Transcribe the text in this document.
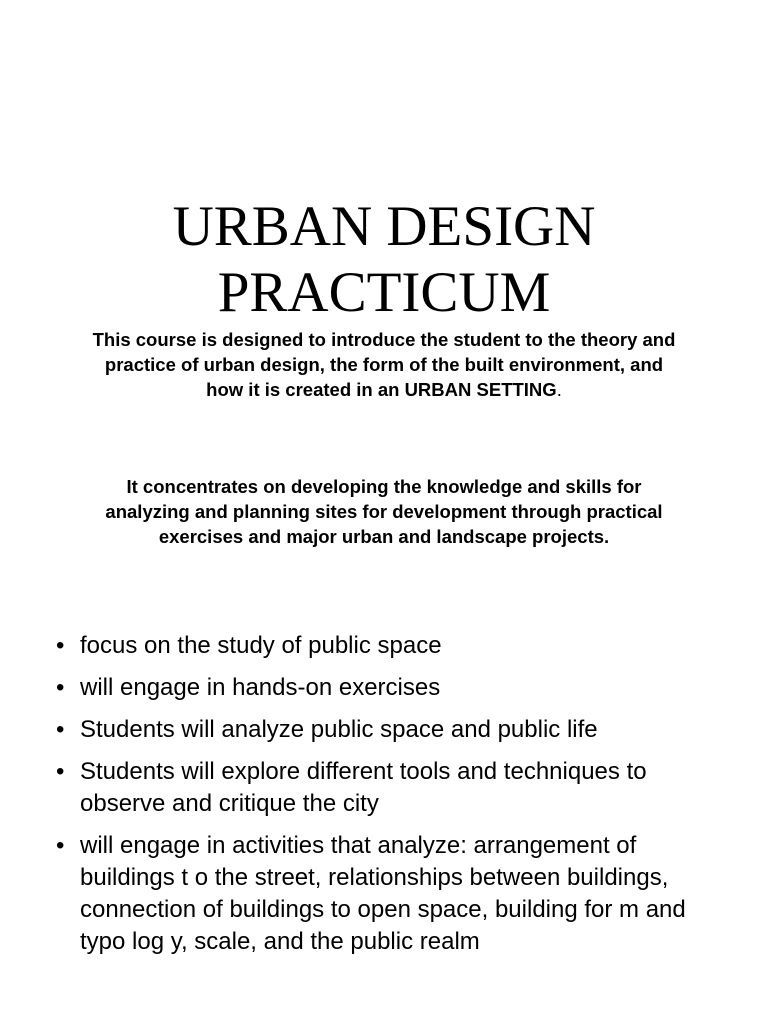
URBAN DESIGN
PRACTICUM

This course is designed to introduce the student to the theory and practice of urban design, the form of the built environment, and how it is created in an URBAN SETTING.

It concentrates on developing the knowledge and skills for analyzing and planning sites for development through practical exercises and major urban and landscape projects.

• focus on the study of public space
• will engage in hands-on exercises
• Students will analyze public space and public life
• Students will explore different tools and techniques to observe and critique the city
• will engage in activities that analyze: arrangement of buildings t o the street, relationships between buildings, connection of buildings to open space, building for m and typo log y, scale, and the public realm
